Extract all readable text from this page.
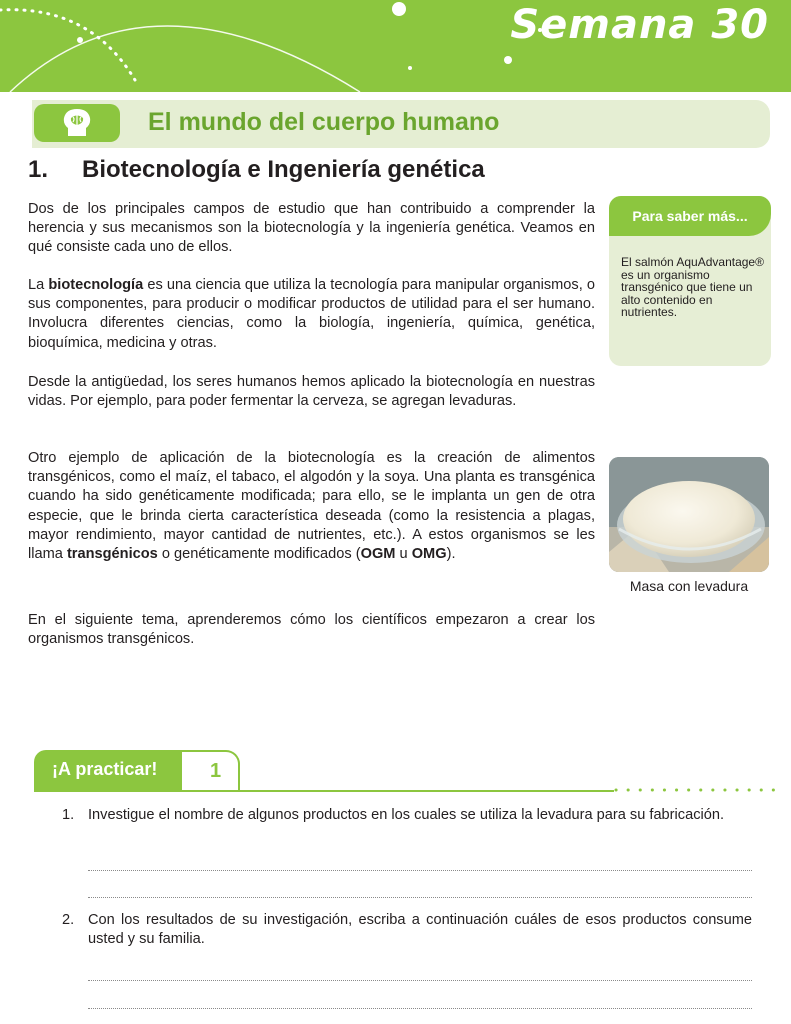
Semana 30
El mundo del cuerpo humano
1. Biotecnología e Ingeniería genética

Dos de los principales campos de estudio que han contribuido a comprender la herencia y sus mecanismos son la biotecnología y la ingeniería genética. Veamos en qué consiste cada uno de ellos.

La biotecnología es una ciencia que utiliza la tecnología para manipular organismos, o sus componentes, para producir o modificar productos de utilidad para el ser humano. Involucra diferentes ciencias, como la biología, ingeniería, química, genética, bioquímica, medicina y otras.

Desde la antigüedad, los seres humanos hemos aplicado la biotecnología en nuestras vidas. Por ejemplo, para poder fermentar la cerveza, se agregan levaduras.

Otro ejemplo de aplicación de la biotecnología es la creación de alimentos transgénicos, como el maíz, el tabaco, el algodón y la soya. Una planta es transgénica cuando ha sido genéticamente modificada; para ello, se le implanta un gen de otra especie, que le brinda cierta característica deseada (como la resistencia a plagas, mayor rendimiento, mayor cantidad de nutrientes, etc.). A estos organismos se les llama transgénicos o genéticamente modificados (OGM u OMG).

En el siguiente tema, aprenderemos cómo los científicos empezaron a crear los organismos transgénicos.

Para saber más...
El salmón AquAdvantage® es un organismo transgénico que tiene un alto contenido en nutrientes.
Masa con levadura
¡A practicar!	1
1. Investigue el nombre de algunos productos en los cuales se utiliza la levadura para su fabricación.
2. Con los resultados de su investigación, escriba a continuación cuáles de esos productos consume usted y su familia.
